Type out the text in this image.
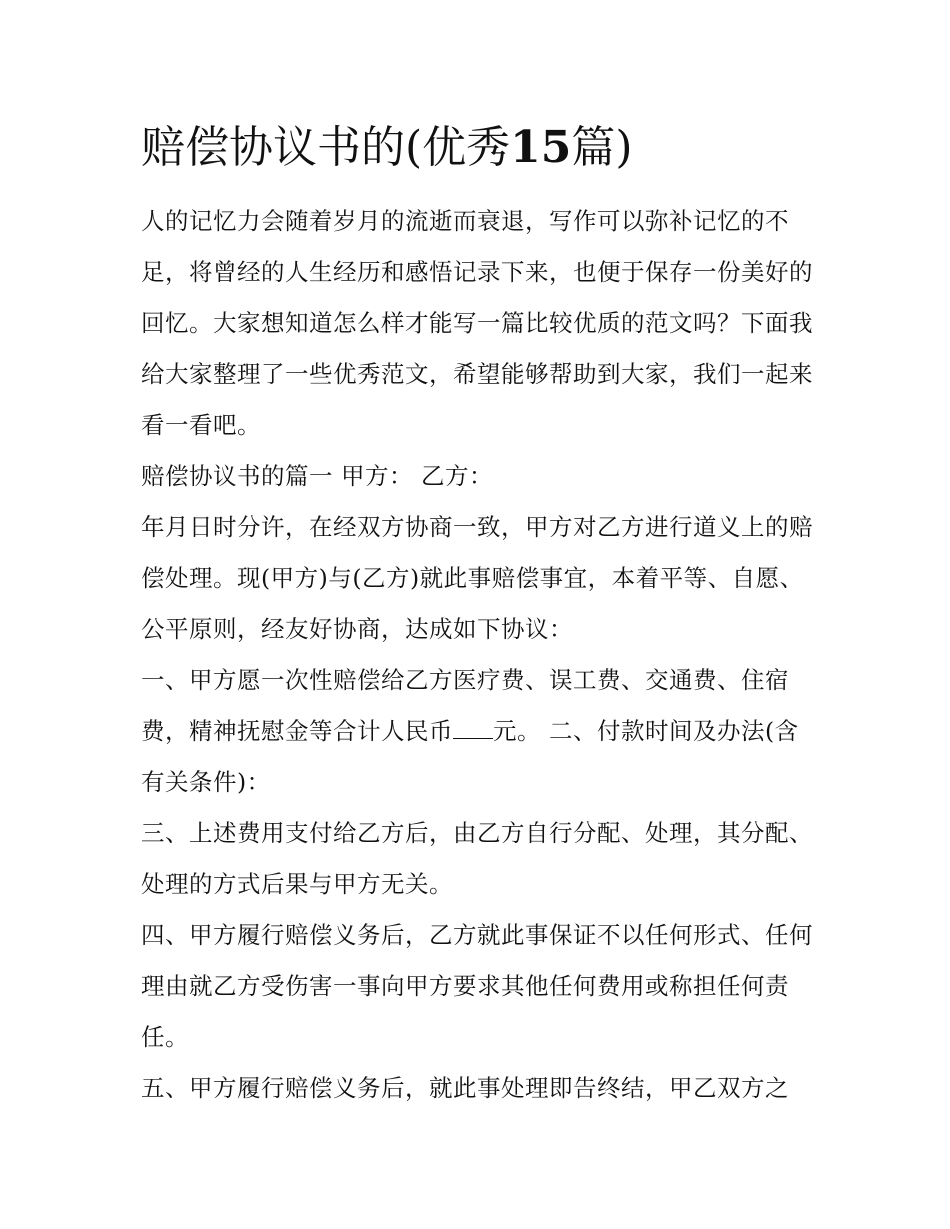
赔偿协议书的(优秀15篇)

人的记忆力会随着岁月的流逝而衰退，写作可以弥补记忆的不足，将曾经的人生经历和感悟记录下来，也便于保存一份美好的回忆。大家想知道怎么样才能写一篇比较优质的范文吗？下面我给大家整理了一些优秀范文，希望能够帮助到大家，我们一起来看一看吧。

赔偿协议书的篇一 甲方： 乙方：

年月日时分许，在经双方协商一致，甲方对乙方进行道义上的赔偿处理。现(甲方)与(乙方)就此事赔偿事宜，本着平等、自愿、公平原则，经友好协商，达成如下协议：

一、甲方愿一次性赔偿给乙方医疗费、误工费、交通费、住宿费，精神抚慰金等合计人民币 元。 二、付款时间及办法(含有关条件)：

三、上述费用支付给乙方后，由乙方自行分配、处理，其分配、处理的方式后果与甲方无关。

四、甲方履行赔偿义务后，乙方就此事保证不以任何形式、任何理由就乙方受伤害一事向甲方要求其他任何费用或称担任何责任。

五、甲方履行赔偿义务后，就此事处理即告终结，甲乙双方之
